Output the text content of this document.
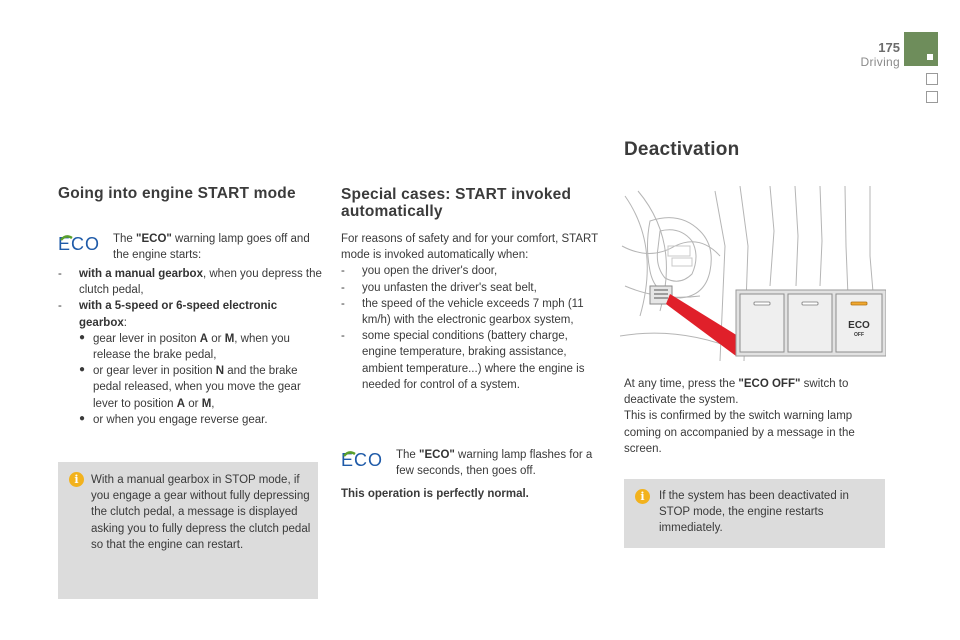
175
Driving
Going into engine START mode
ECO The "ECO" warning lamp goes off and the engine starts:
- with a manual gearbox, when you depress the clutch pedal,
- with a 5-speed or 6-speed electronic gearbox:
● gear lever in positon A or M, when you release the brake pedal,
● or gear lever in position N and the brake pedal released, when you move the gear lever to position A or M,
● or when you engage reverse gear.
i
With a manual gearbox in STOP mode, if you engage a gear without fully depressing the clutch pedal, a message is displayed asking you to fully depress the clutch pedal so that the engine can restart.
Special cases: START invoked automatically
For reasons of safety and for your comfort, START mode is invoked automatically when:
- you open the driver's door,
- you unfasten the driver's seat belt,
- the speed of the vehicle exceeds 7 mph (11 km/h) with the electronic gearbox system,
- some special conditions (battery charge, engine temperature, braking assistance, ambient temperature...) where the engine is needed for control of a system.
ECO The "ECO" warning lamp flashes for a few seconds, then goes off.
This operation is perfectly normal.
Deactivation
ECO
OFF
At any time, press the "ECO OFF" switch to deactivate the system.
This is confirmed by the switch warning lamp coming on accompanied by a message in the screen.
i
If the system has been deactivated in STOP mode, the engine restarts immediately.
